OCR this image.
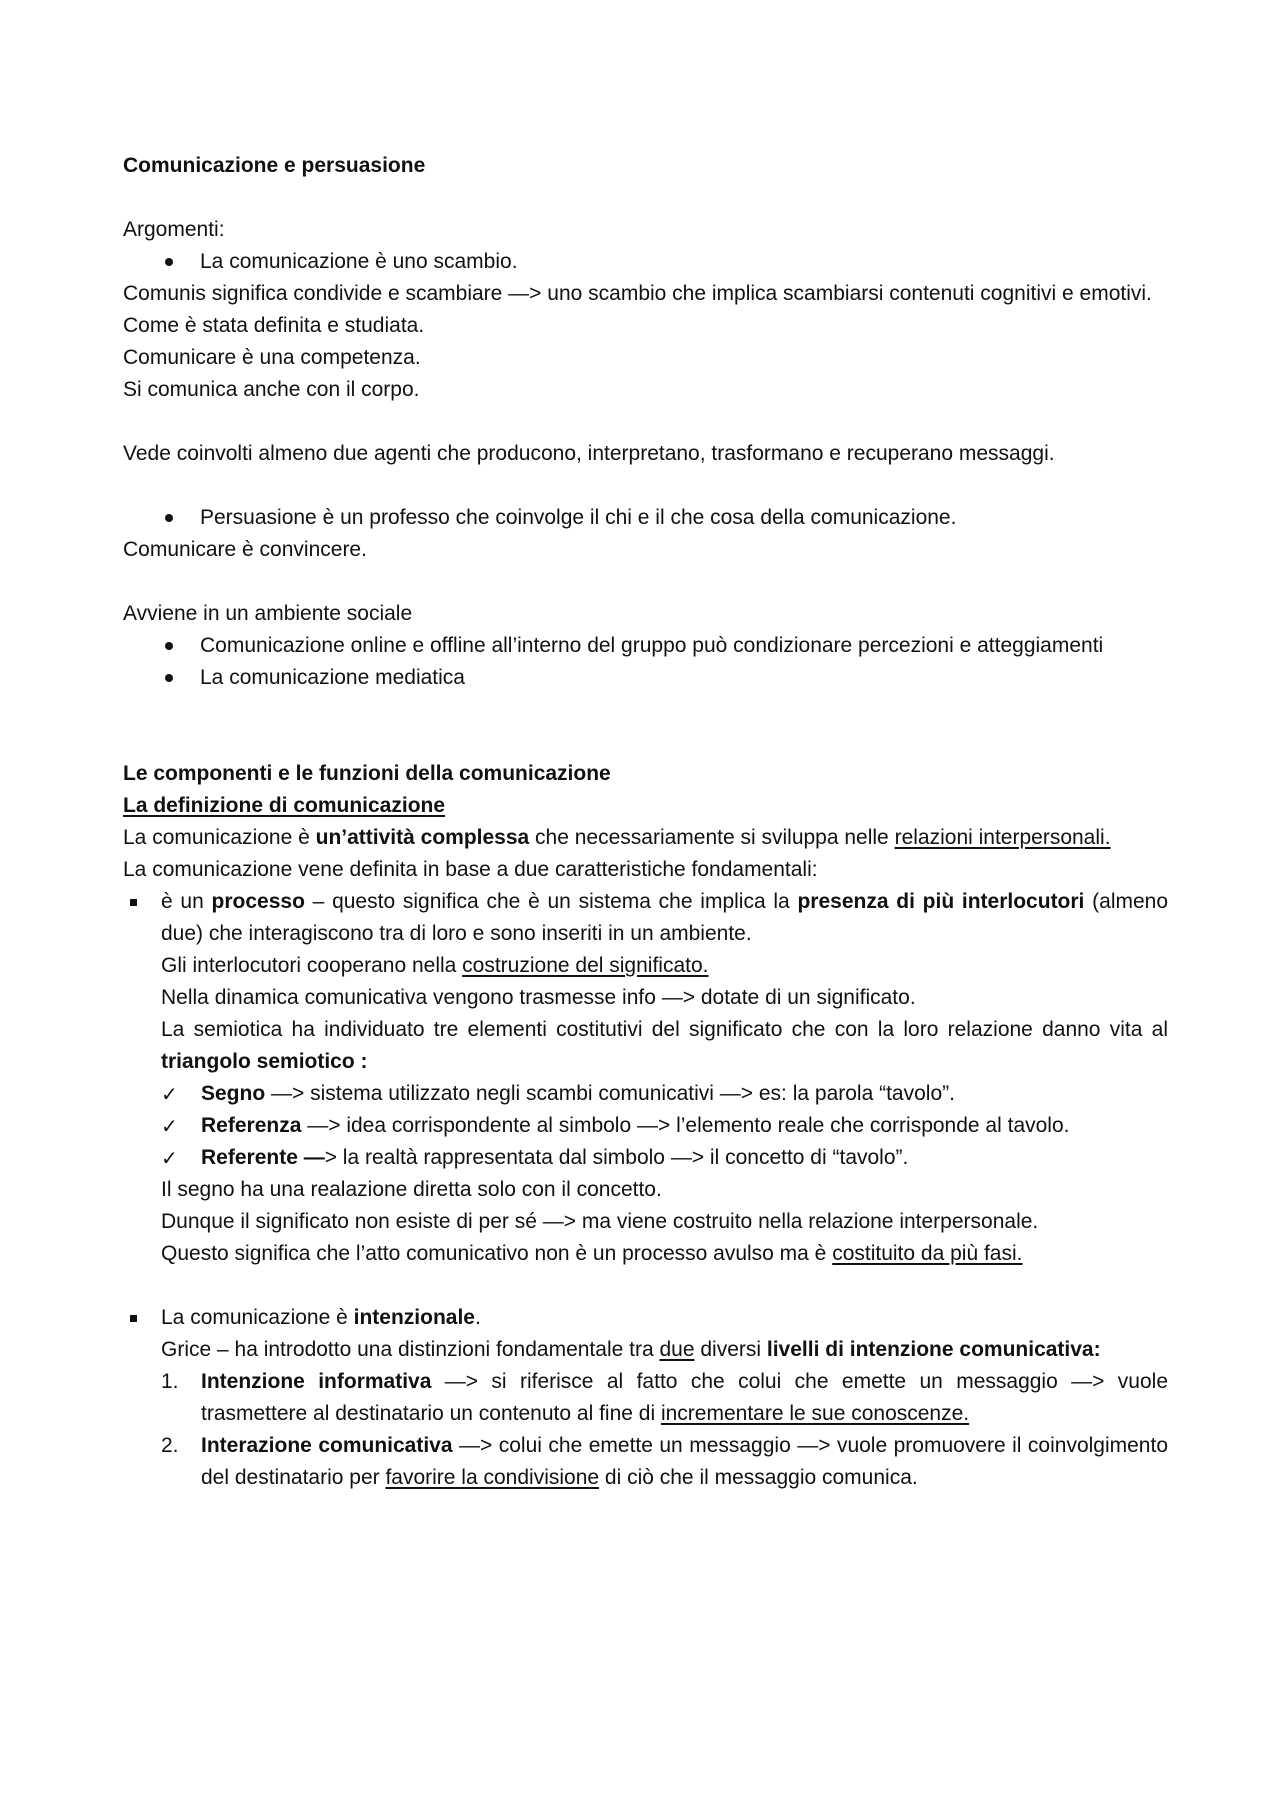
Comunicazione e persuasione

Argomenti:

La comunicazione è uno scambio.

Comunis significa condivide e scambiare —> uno scambio che implica scambiarsi contenuti cognitivi e emotivi.

Come è stata definita e studiata.

Comunicare è una competenza.

Si comunica anche con il corpo.

Vede coinvolti almeno due agenti che producono, interpretano, trasformano e recuperano messaggi.

Persuasione è un professo che coinvolge il chi e il che cosa della comunicazione.

Comunicare è convincere.

Avviene in un ambiente sociale

Comunicazione online e offline all’interno del gruppo può condizionare percezioni e atteggiamenti
La comunicazione mediatica

Le componenti e le funzioni della comunicazione

La definizione di comunicazione

La comunicazione è un’attività complessa che necessariamente si sviluppa nelle relazioni interpersonali.

La comunicazione vene definita in base a due caratteristiche fondamentali:

è un processo – questo significa che è un sistema che implica la presenza di più interlocutori (almeno due) che interagiscono tra di loro e sono inseriti in un ambiente.

Gli interlocutori cooperano nella costruzione del significato.

Nella dinamica comunicativa vengono trasmesse info —> dotate di un significato.

La semiotica ha individuato tre elementi costitutivi del significato che con la loro relazione danno vita al triangolo semiotico :

✓	Segno —> sistema utilizzato negli scambi comunicativi —> es: la parola “tavolo”.
✓	Referenza —> idea corrispondente al simbolo —> l’elemento reale che corrisponde al tavolo.
✓	Referente —> la realtà rappresentata dal simbolo —> il concetto di “tavolo”.

Il segno ha una realazione diretta solo con il concetto.

Dunque il significato non esiste di per sé —> ma viene costruito nella relazione interpersonale.

Questo significa che l’atto comunicativo non è un processo avulso ma è costituito da più fasi.

La comunicazione è intenzionale.

Grice – ha introdotto una distinzioni fondamentale tra due diversi livelli di intenzione comunicativa:

1.	Intenzione informativa —> si riferisce al fatto che colui che emette un messaggio —> vuole trasmettere al destinatario un contenuto al fine di incrementare le sue conoscenze.
2.	Interazione comunicativa —> colui che emette un messaggio —> vuole promuovere il coinvolgimento del destinatario per favorire la condivisione di ciò che il messaggio comunica.
